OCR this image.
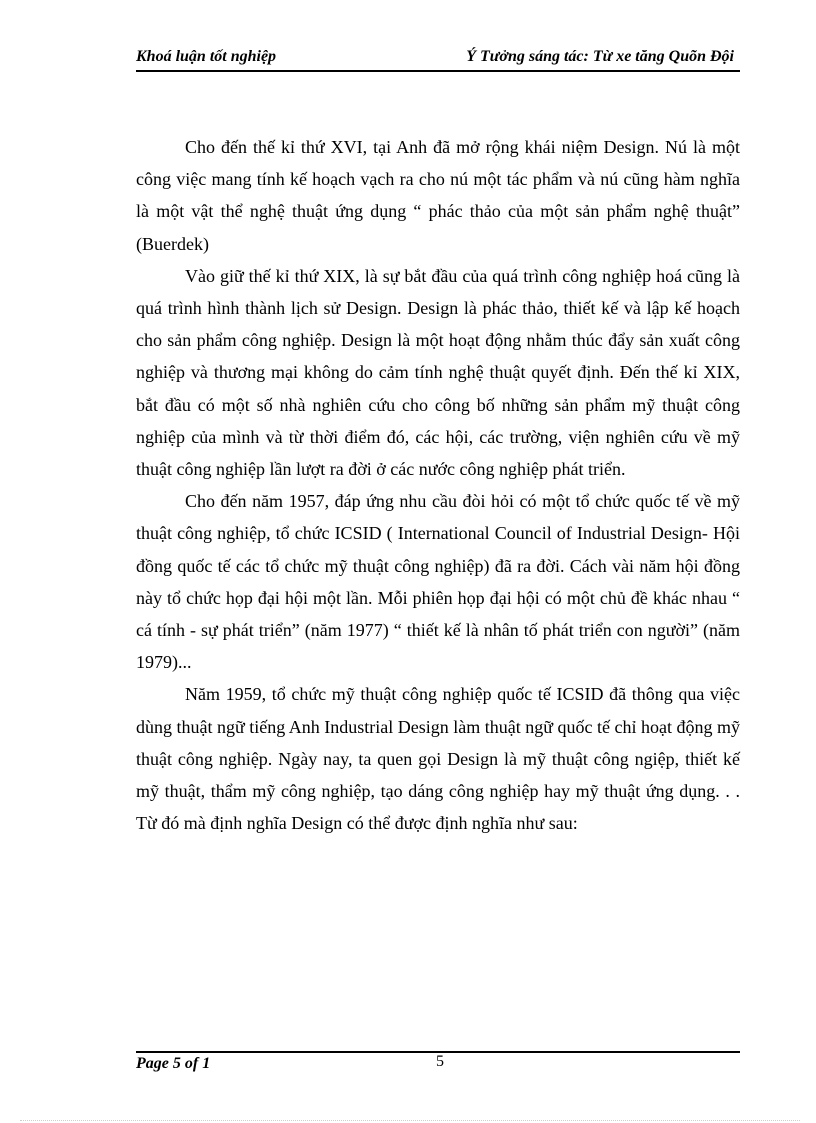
Khoá luận tốt nghiệp	Ý Tưởng sáng tác: Từ xe tăng Quõn Đội

Cho đến thế kỉ thứ XVI, tại Anh đã mở rộng khái niệm Design. Nú là một công việc mang tính kế hoạch vạch ra cho nú một tác phẩm và nú cũng hàm nghĩa là một vật thể nghệ thuật ứng dụng “ phác thảo của một sản phẩm nghệ thuật” (Buerdek)

Vào giữ thế kỉ thứ XIX, là sự bắt đầu của quá trình công nghiệp hoá cũng là quá trình hình thành lịch sử Design. Design là phác thảo, thiết kế và lập kế hoạch cho sản phẩm công nghiệp. Design là một hoạt động nhằm thúc đẩy sản xuất công nghiệp và thương mại không do cảm tính nghệ thuật quyết định. Đến thế kỉ XIX, bắt đầu có một số nhà nghiên cứu cho công bố những sản phẩm mỹ thuật công nghiệp của mình và từ thời điểm đó, các hội, các trường, viện nghiên cứu về mỹ thuật công nghiệp lần lượt ra đời ở các nước công nghiệp phát triển.

Cho đến năm 1957, đáp ứng nhu cầu đòi hỏi có một tổ chức quốc tế về mỹ thuật công nghiệp, tổ chức ICSID ( International Council of Industrial Design- Hội đồng quốc tế các tổ chức mỹ thuật công nghiệp) đã ra đời. Cách vài năm hội đồng này tổ chức họp đại hội một lần. Mỗi phiên họp đại hội có một chủ đề khác nhau “ cá tính - sự phát triển” (năm 1977) “ thiết kế là nhân tố phát triển con người” (năm 1979)...

Năm 1959, tổ chức mỹ thuật công nghiệp quốc tế ICSID đã thông qua việc dùng thuật ngữ tiếng Anh Industrial Design làm thuật ngữ quốc tế chỉ hoạt động mỹ thuật công nghiệp. Ngày nay, ta quen gọi Design là mỹ thuật công ngiệp, thiết kế mỹ thuật, thẩm mỹ công nghiệp, tạo dáng công nghiệp hay mỹ thuật ứng dụng. . . Từ đó mà định nghĩa Design có thể được định nghĩa như sau:

Page 5 of 1	5
